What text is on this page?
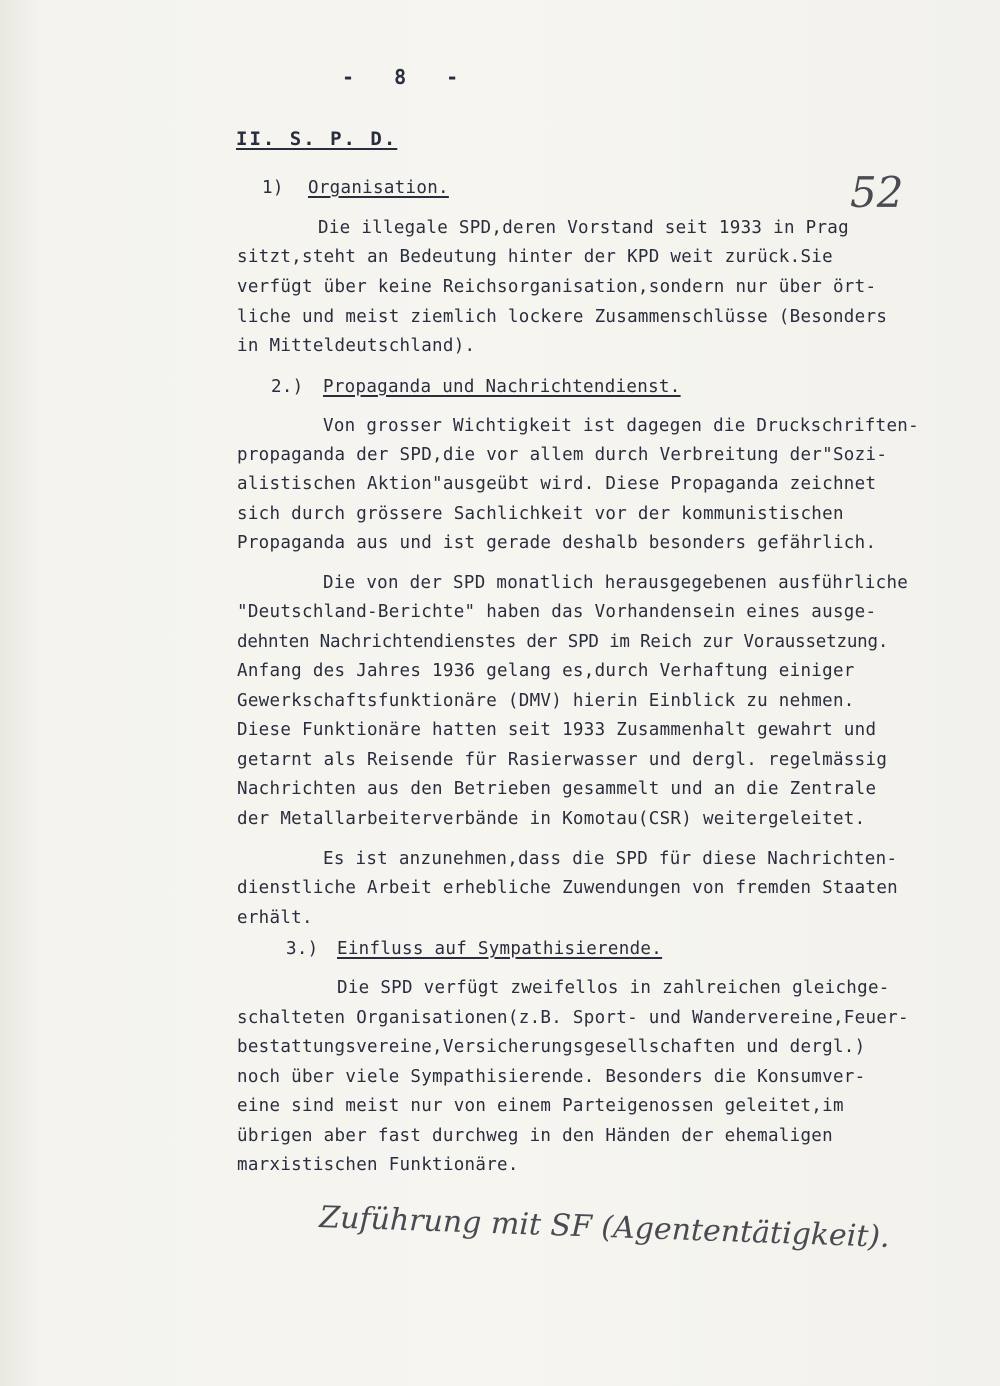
- 8 -
52
II. S. P. D.
1) Organisation.
Die illegale SPD,deren Vorstand seit 1933 in Prag
sitzt,steht an Bedeutung hinter der KPD weit zurück.Sie
verfügt über keine Reichsorganisation,sondern nur über ört-
liche und meist ziemlich lockere Zusammenschlüsse (Besonders
in Mitteldeutschland).
2.) Propaganda und Nachrichtendienst.
Von grosser Wichtigkeit ist dagegen die Druckschriften-
propaganda der SPD,die vor allem durch Verbreitung der"Sozi-
alistischen Aktion"ausgeübt wird. Diese Propaganda zeichnet
sich durch grössere Sachlichkeit vor der kommunistischen
Propaganda aus und ist gerade deshalb besonders gefährlich.
Die von der SPD monatlich herausgegebenen ausführliche
"Deutschland-Berichte" haben das Vorhandensein eines ausge-
dehnten Nachrichtendienstes der SPD im Reich zur Voraussetzung.
Anfang des Jahres 1936 gelang es,durch Verhaftung einiger
Gewerkschaftsfunktionäre (DMV) hierin Einblick zu nehmen.
Diese Funktionäre hatten seit 1933 Zusammenhalt gewahrt und
getarnt als Reisende für Rasierwasser und dergl. regelmässig
Nachrichten aus den Betrieben gesammelt und an die Zentrale
der Metallarbeiterverbände in Komotau(CSR) weitergeleitet.
Es ist anzunehmen,dass die SPD für diese Nachrichten-
dienstliche Arbeit erhebliche Zuwendungen von fremden Staaten
erhält.
3.) Einfluss auf Sympathisierende.
Die SPD verfügt zweifellos in zahlreichen gleichge-
schalteten Organisationen(z.B. Sport- und Wandervereine,Feuer-
bestattungsvereine,Versicherungsgesellschaften und dergl.)
noch über viele Sympathisierende. Besonders die Konsumver-
eine sind meist nur von einem Parteigenossen geleitet,im
übrigen aber fast durchweg in den Händen der ehemaligen
marxistischen Funktionäre.
Zuführung mit SF (Agententätigkeit).
